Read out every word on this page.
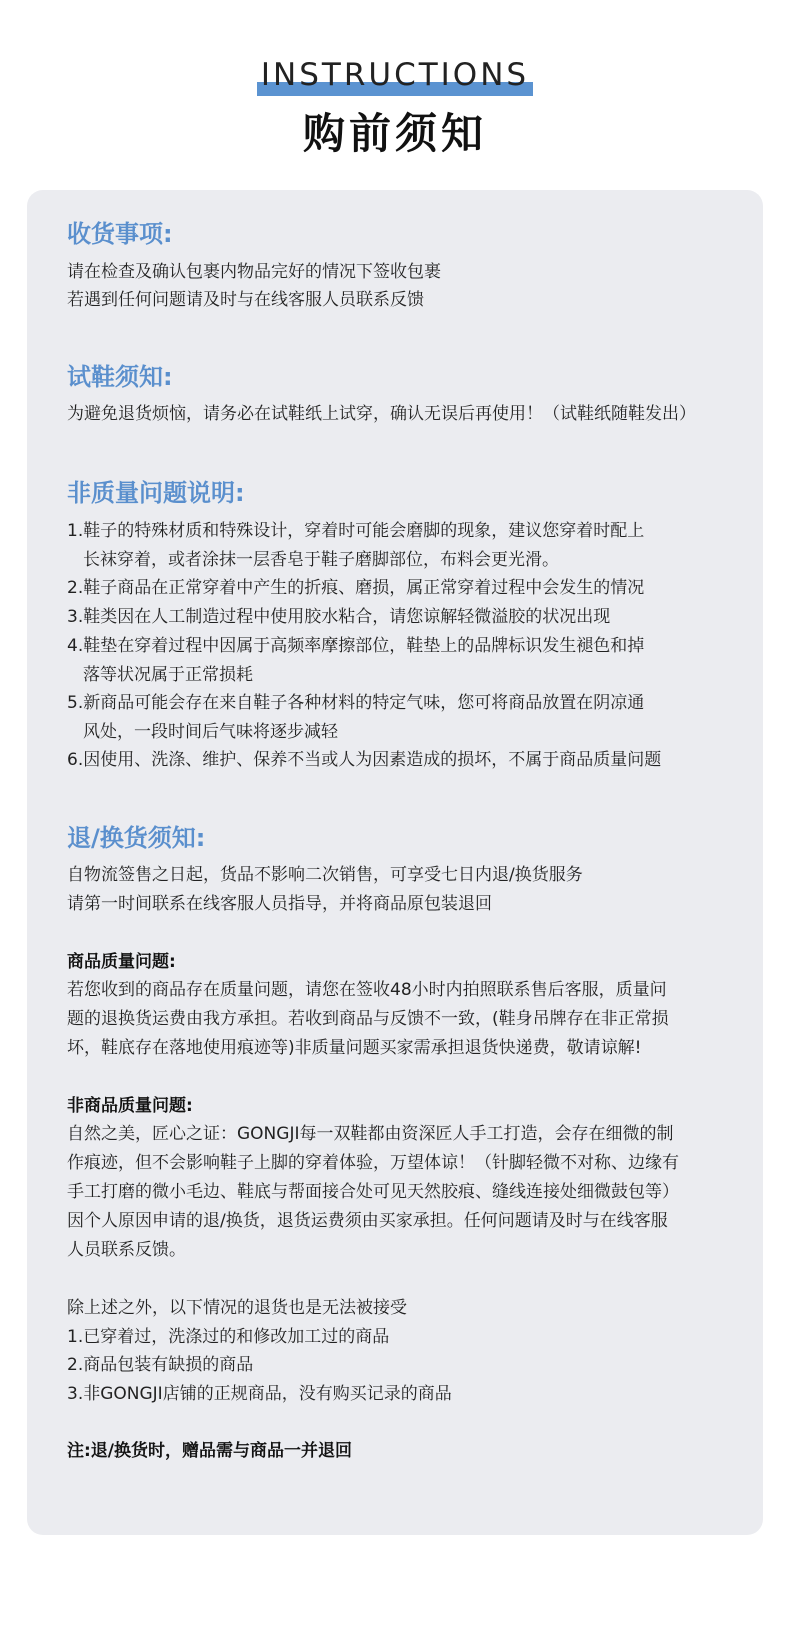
INSTRUCTIONS
购前须知
收货事项:
请在检查及确认包裹内物品完好的情况下签收包裹
若遇到任何问题请及时与在线客服人员联系反馈
试鞋须知:
为避免退货烦恼，请务必在试鞋纸上试穿，确认无误后再使用！（试鞋纸随鞋发出）
非质量问题说明:
1.鞋子的特殊材质和特殊设计，穿着时可能会磨脚的现象，建议您穿着时配上
长袜穿着，或者涂抹一层香皂于鞋子磨脚部位，布料会更光滑。
2.鞋子商品在正常穿着中产生的折痕、磨损，属正常穿着过程中会发生的情况
3.鞋类因在人工制造过程中使用胶水粘合，请您谅解轻微溢胶的状况出现
4.鞋垫在穿着过程中因属于高频率摩擦部位，鞋垫上的品牌标识发生褪色和掉
落等状况属于正常损耗
5.新商品可能会存在来自鞋子各种材料的特定气味，您可将商品放置在阴凉通
风处，一段时间后气味将逐步减轻
6.因使用、洗涤、维护、保养不当或人为因素造成的损坏，不属于商品质量问题
退/换货须知:
自物流签售之日起，货品不影响二次销售，可享受七日内退/换货服务
请第一时间联系在线客服人员指导，并将商品原包装退回
商品质量问题:
若您收到的商品存在质量问题，请您在签收48小时内拍照联系售后客服，质量问
题的退换货运费由我方承担。若收到商品与反馈不一致，(鞋身吊牌存在非正常损
坏，鞋底存在落地使用痕迹等)非质量问题买家需承担退货快递费，敬请谅解!
非商品质量问题:
自然之美，匠心之证：GONGJI每一双鞋都由资深匠人手工打造，会存在细微的制
作痕迹，但不会影响鞋子上脚的穿着体验，万望体谅！（针脚轻微不对称、边缘有
手工打磨的微小毛边、鞋底与帮面接合处可见天然胶痕、缝线连接处细微鼓包等）
因个人原因申请的退/换货，退货运费须由买家承担。任何问题请及时与在线客服
人员联系反馈。
除上述之外，以下情况的退货也是无法被接受
1.已穿着过，洗涤过的和修改加工过的商品
2.商品包装有缺损的商品
3.非GONGJI店铺的正规商品，没有购买记录的商品
注:退/换货时，赠品需与商品一并退回
